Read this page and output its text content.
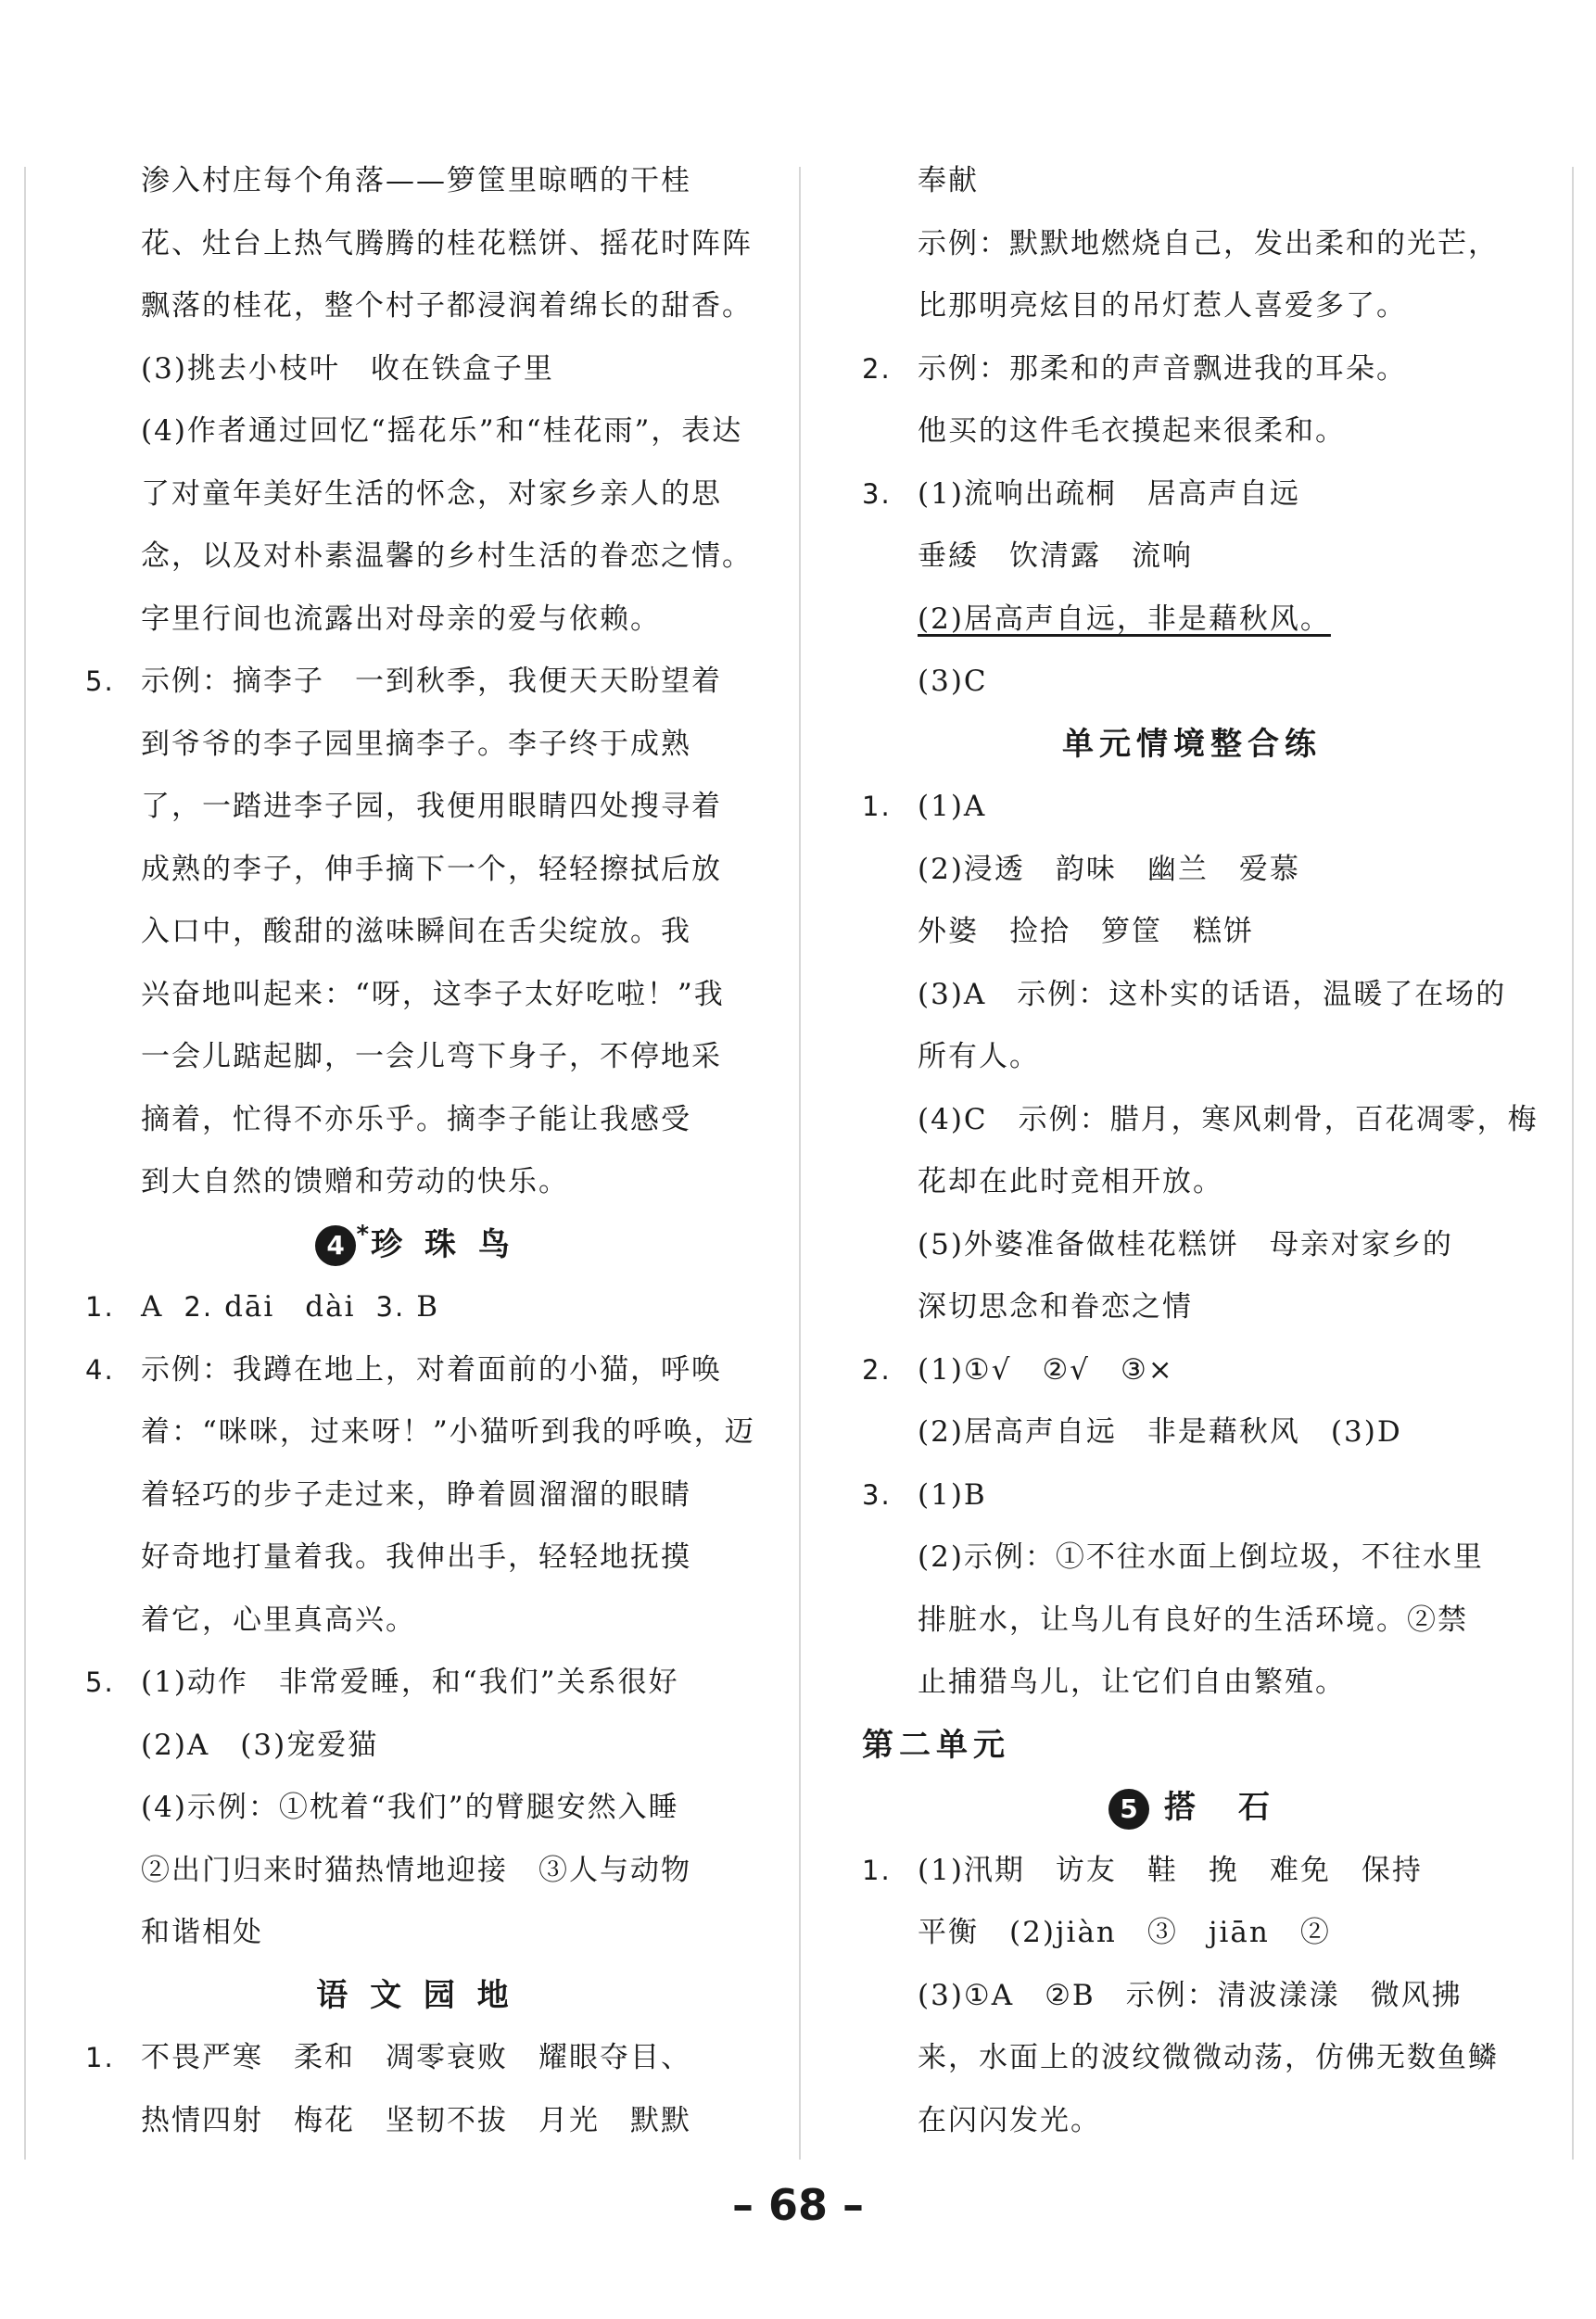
渗入村庄每个角落——箩筐里晾晒的干桂
花、灶台上热气腾腾的桂花糕饼、摇花时阵阵
飘落的桂花，整个村子都浸润着绵长的甜香。
(3)挑去小枝叶　收在铁盒子里
(4)作者通过回忆“摇花乐”和“桂花雨”，表达
了对童年美好生活的怀念，对家乡亲人的思
念，以及对朴素温馨的乡村生活的眷恋之情。
字里行间也流露出对母亲的爱与依赖。
5. 示例：摘李子　一到秋季，我便天天盼望着
到爷爷的李子园里摘李子。李子终于成熟
了，一踏进李子园，我便用眼睛四处搜寻着
成熟的李子，伸手摘下一个，轻轻擦拭后放
入口中，酸甜的滋味瞬间在舌尖绽放。我
兴奋地叫起来：“呀，这李子太好吃啦！”我
一会儿踮起脚，一会儿弯下身子，不停地采
摘着，忙得不亦乐乎。摘李子能让我感受
到大自然的馈赠和劳动的快乐。
4 * 珍 珠 鸟
1. A 2. dāi　dài 3. B
4. 示例：我蹲在地上，对着面前的小猫，呼唤
着：“咪咪，过来呀！”小猫听到我的呼唤，迈
着轻巧的步子走过来，睁着圆溜溜的眼睛
好奇地打量着我。我伸出手，轻轻地抚摸
着它，心里真高兴。
5. (1)动作　非常爱睡，和“我们”关系很好
(2)A　(3)宠爱猫
(4)示例：①枕着“我们”的臂腿安然入睡
②出门归来时猫热情地迎接　③人与动物
和谐相处
语 文 园 地
1. 不畏严寒　柔和　凋零衰败　耀眼夺目、
热情四射　梅花　坚韧不拔　月光　默默
奉献
示例：默默地燃烧自己，发出柔和的光芒，
比那明亮炫目的吊灯惹人喜爱多了。
2. 示例：那柔和的声音飘进我的耳朵。
他买的这件毛衣摸起来很柔和。
3. (1)流响出疏桐　居高声自远
垂緌　饮清露　流响
(2)居高声自远，非是藉秋风。
(3)C
单元情境整合练
1. (1)A
(2)浸透　韵味　幽兰　爱慕
外婆　捡拾　箩筐　糕饼
(3)A　示例：这朴实的话语，温暖了在场的
所有人。
(4)C　示例：腊月，寒风刺骨，百花凋零，梅
花却在此时竞相开放。
(5)外婆准备做桂花糕饼　母亲对家乡的
深切思念和眷恋之情
2. (1)①√　②√　③×
(2)居高声自远　非是藉秋风　(3)D
3. (1)B
(2)示例：①不往水面上倒垃圾，不往水里
排脏水，让鸟儿有良好的生活环境。②禁
止捕猎鸟儿，让它们自由繁殖。
第二单元
5 搭　石
1. (1)汛期　访友　鞋　挽　难免　保持
平衡　(2)jiàn　③　jiān　②
(3)①A　②B　示例：清波漾漾　微风拂
来，水面上的波纹微微动荡，仿佛无数鱼鳞
在闪闪发光。
– 68 –
